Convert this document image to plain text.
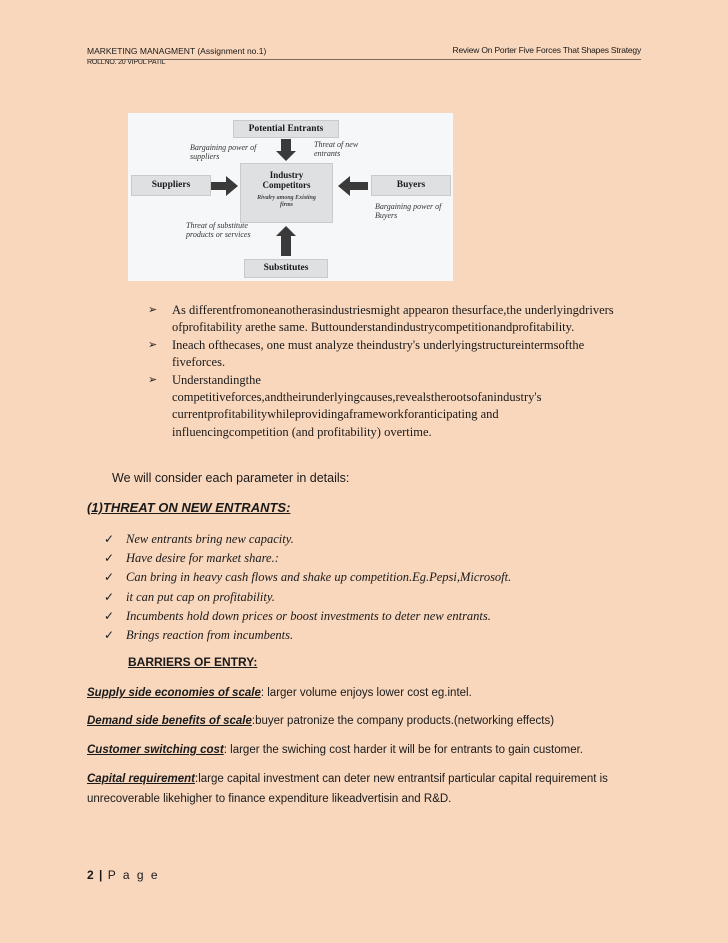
MARKETING MANAGMENT (Assignment no.1)
ROLLNO. 20 VIPUL PATIL
Review On Porter Five Forces That Shapes Strategy
Potential Entrants
Suppliers
Industry Competitors
Rivalry among Existing firms
Buyers
Substitutes
Bargaining power of suppliers
Threat of new entrants
Bargaining power of Buyers
Threat of substitute products or services
➢ As differentfromoneanotherasindustriesmight appearon thesurface,the underlyingdrivers ofprofitability arethe same. Buttounderstandindustrycompetitionandprofitability.
➢ Ineach ofthecases, one must analyze theindustry's underlyingstructureintermsofthe fiveforces.
➢ Understandingthe competitiveforces,andtheirunderlyingcauses,revealstherootsofanindustry's currentprofitabilitywhileprovidingaframeworkforanticipating and influencingcompetition (and profitability) overtime.
We will consider each parameter in details:
(1)THREAT ON NEW ENTRANTS:
✓ New entrants bring new capacity.
✓ Have desire for market share.:
✓ Can bring in heavy cash flows and shake up competition.Eg.Pepsi,Microsoft.
✓ it can put cap on profitability.
✓ Incumbents hold down prices or boost investments to deter new entrants.
✓ Brings reaction from incumbents.
BARRIERS OF ENTRY:
Supply side economies of scale: larger volume enjoys lower cost eg.intel.
Demand side benefits of scale:buyer patronize the company products.(networking effects)
Customer switching cost: larger the swiching cost harder it will be for entrants to gain customer.
Capital requirement:large capital investment can deter new entrantsif particular capital requirement is unrecoverable likehigher to finance expenditure likeadvertisin and R&D.
2 | P a g e
